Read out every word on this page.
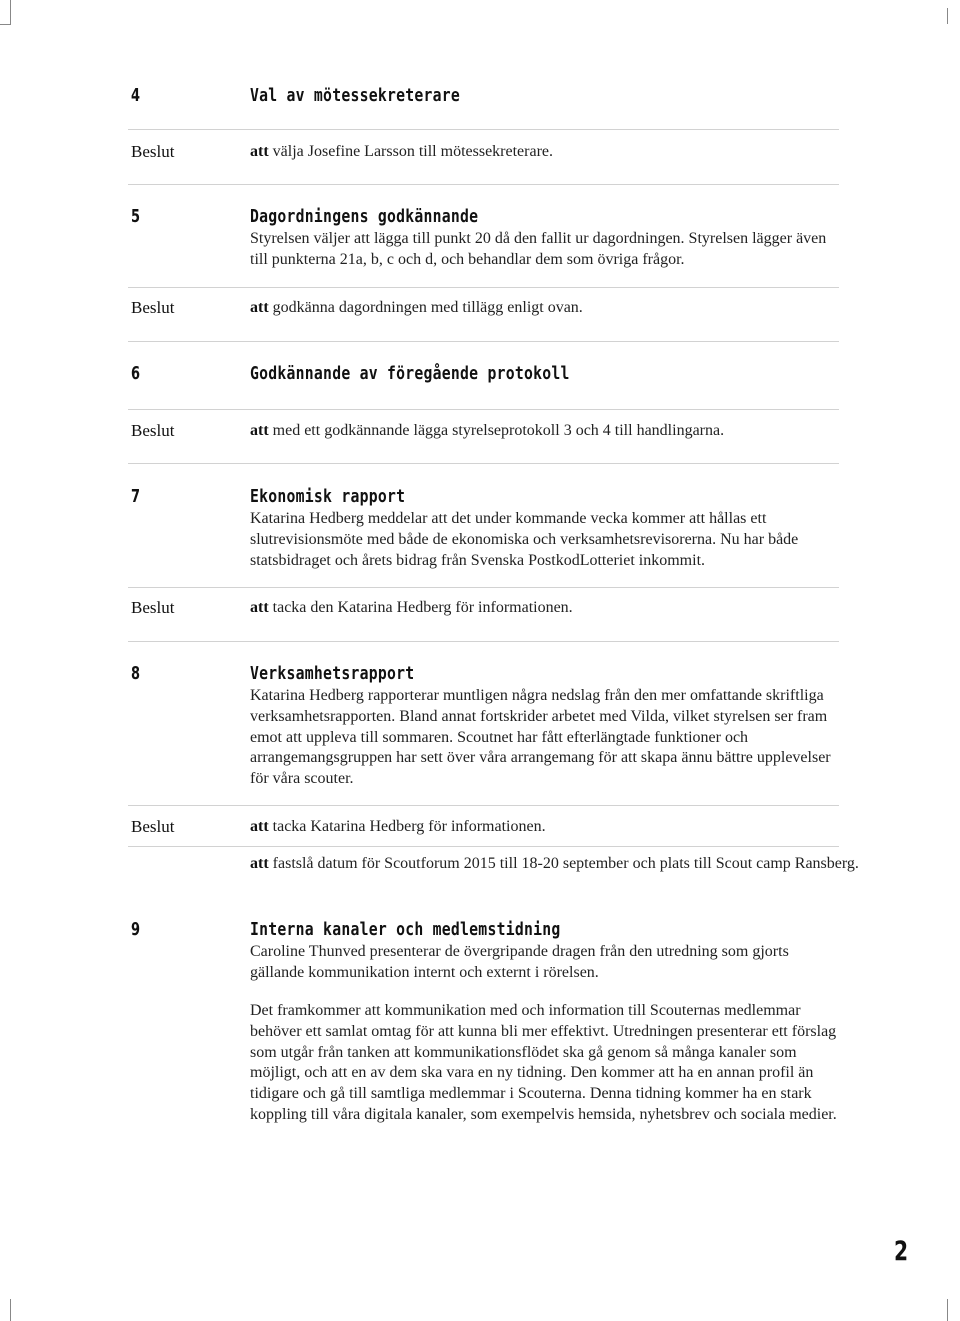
4	Val av mötessekreterare
Beslut	att välja Josefine Larsson till mötessekreterare.
5	Dagordningens godkännande
Styrelsen väljer att lägga till punkt 20 då den fallit ur dagordningen. Styrelsen lägger även till punkterna 21a, b, c och d, och behandlar dem som övriga frågor.
Beslut	att godkänna dagordningen med tillägg enligt ovan.
6	Godkännande av föregående protokoll
Beslut	att med ett godkännande lägga styrelseprotokoll 3 och 4 till handlingarna.
7	Ekonomisk rapport
Katarina Hedberg meddelar att det under kommande vecka kommer att hållas ett slutrevisionsmöte med både de ekonomiska och verksamhetsrevisorerna. Nu har både statsbidraget och årets bidrag från Svenska PostkodLotteriet inkommit.
Beslut	att tacka den Katarina Hedberg för informationen.
8	Verksamhetsrapport
Katarina Hedberg rapporterar muntligen några nedslag från den mer omfattande skriftliga verksamhetsrapporten. Bland annat fortskrider arbetet med Vilda, vilket styrelsen ser fram emot att uppleva till sommaren. Scoutnet har fått efterlängtade funktioner och arrangemangsgruppen har sett över våra arrangemang för att skapa ännu bättre upplevelser för våra scouter.
Beslut	att tacka Katarina Hedberg för informationen.
att fastslå datum för Scoutforum 2015 till 18-20 september och plats till Scout camp Ransberg.
9	Interna kanaler och medlemstidning
Caroline Thunved presenterar de övergripande dragen från den utredning som gjorts gällande kommunikation internt och externt i rörelsen.
Det framkommer att kommunikation med och information till Scouternas medlemmar behöver ett samlat omtag för att kunna bli mer effektivt. Utredningen presenterar ett förslag som utgår från tanken att kommunikationsflödet ska gå genom så många kanaler som möjligt, och att en av dem ska vara en ny tidning. Den kommer att ha en annan profil än tidigare och gå till samtliga medlemmar i Scouterna. Denna tidning kommer ha en stark koppling till våra digitala kanaler, som exempelvis hemsida, nyhetsbrev och sociala medier.
2
